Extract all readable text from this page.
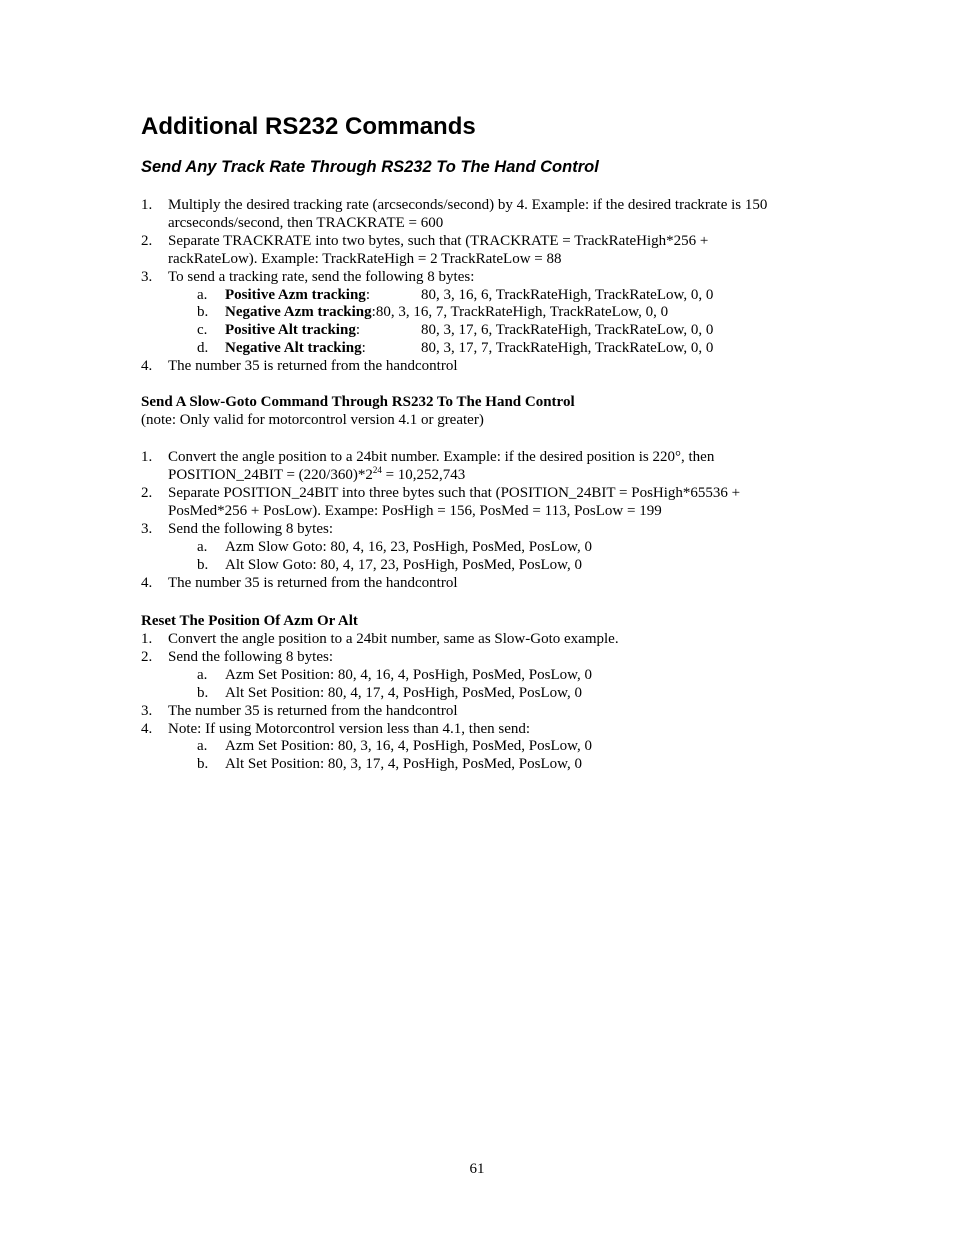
Additional RS232 Commands
Send Any Track Rate Through RS232 To The Hand Control
1. Multiply the desired tracking rate (arcseconds/second) by 4. Example: if the desired trackrate is 150
arcseconds/second, then TRACKRATE = 600
2. Separate TRACKRATE into two bytes, such that (TRACKRATE = TrackRateHigh*256 +
rackRateLow). Example: TrackRateHigh = 2 TrackRateLow = 88
3. To send a tracking rate, send the following 8 bytes:
a. Positive Azm tracking:	80, 3, 16, 6, TrackRateHigh, TrackRateLow, 0, 0
b. Negative Azm tracking:80, 3, 16, 7, TrackRateHigh, TrackRateLow, 0, 0
c. Positive Alt tracking:	80, 3, 17, 6, TrackRateHigh, TrackRateLow, 0, 0
d. Negative Alt tracking:	80, 3, 17, 7, TrackRateHigh, TrackRateLow, 0, 0
4. The number 35 is returned from the handcontrol
Send A Slow-Goto Command Through RS232 To The Hand Control
(note: Only valid for motorcontrol version 4.1 or greater)
1. Convert the angle position to a 24bit number. Example: if the desired position is 220°, then
POSITION_24BIT = $(220/360)*2^{24} = 10,252,743$
2. Separate POSITION_24BIT into three bytes such that (POSITION_24BIT = PosHigh*65536 +
PosMed*256 + PosLow). Exampe: PosHigh = 156, PosMed = 113, PosLow = 199
3. Send the following 8 bytes:
a. Azm Slow Goto: 80, 4, 16, 23, PosHigh, PosMed, PosLow, 0
b. Alt Slow Goto: 80, 4, 17, 23, PosHigh, PosMed, PosLow, 0
4. The number 35 is returned from the handcontrol
Reset The Position Of Azm Or Alt
1. Convert the angle position to a 24bit number, same as Slow-Goto example.
2. Send the following 8 bytes:
a. Azm Set Position: 80, 4, 16, 4, PosHigh, PosMed, PosLow, 0
b. Alt Set Position: 80, 4, 17, 4, PosHigh, PosMed, PosLow, 0
3. The number 35 is returned from the handcontrol
4. Note: If using Motorcontrol version less than 4.1, then send:
a. Azm Set Position: 80, 3, 16, 4, PosHigh, PosMed, PosLow, 0
b. Alt Set Position: 80, 3, 17, 4, PosHigh, PosMed, PosLow, 0
61
